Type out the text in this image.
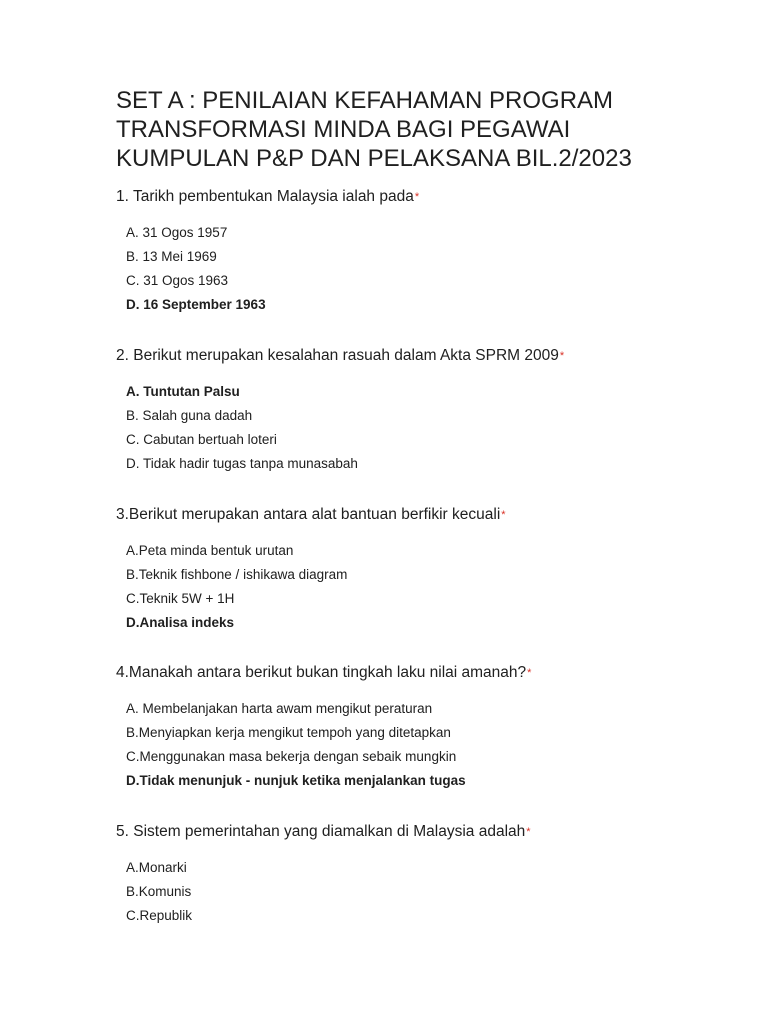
SET A : PENILAIAN KEFAHAMAN PROGRAM
TRANSFORMASI MINDA BAGI PEGAWAI
KUMPULAN P&P DAN PELAKSANA BIL.2/2023
1. Tarikh pembentukan Malaysia ialah pada*
A. 31 Ogos 1957
B. 13 Mei 1969
C. 31 Ogos 1963
D. 16 September 1963
2. Berikut merupakan kesalahan rasuah dalam Akta SPRM 2009*
A. Tuntutan Palsu
B. Salah guna dadah
C. Cabutan bertuah loteri
D. Tidak hadir tugas tanpa munasabah
3.Berikut merupakan antara alat bantuan berfikir kecuali*
A.Peta minda bentuk urutan
B.Teknik fishbone / ishikawa diagram
C.Teknik 5W + 1H
D.Analisa indeks
4.Manakah antara berikut bukan tingkah laku nilai amanah?*
A. Membelanjakan harta awam mengikut peraturan
B.Menyiapkan kerja mengikut tempoh yang ditetapkan
C.Menggunakan masa bekerja dengan sebaik mungkin
D.Tidak menunjuk - nunjuk ketika menjalankan tugas
5. Sistem pemerintahan yang diamalkan di Malaysia adalah*
A.Monarki
B.Komunis
C.Republik
